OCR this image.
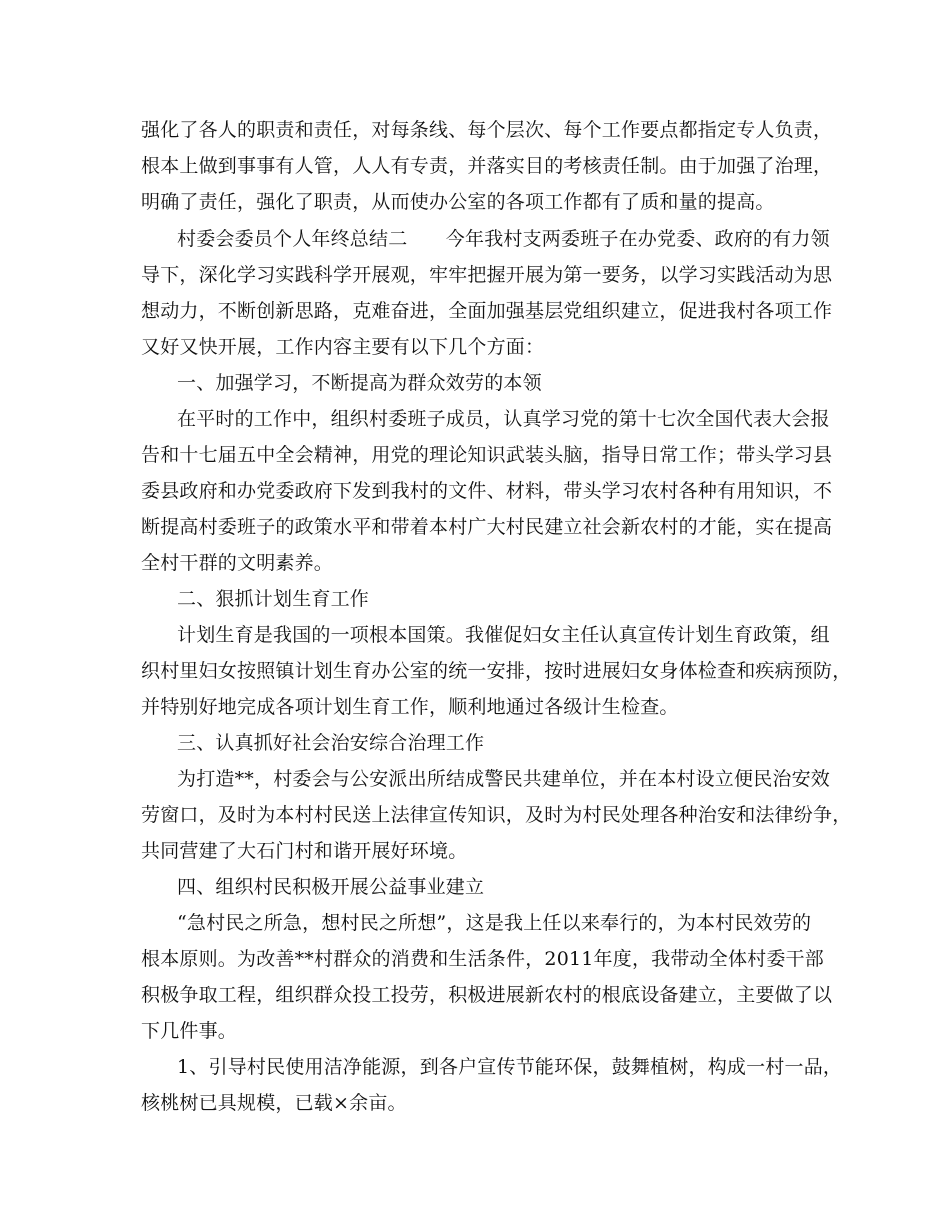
强化了各人的职责和责任，对每条线、每个层次、每个工作要点都指定专人负责，
根本上做到事事有人管，人人有专责，并落实目的考核责任制。由于加强了治理，
明确了责任，强化了职责，从而使办公室的各项工作都有了质和量的提高。
村委会委员个人年终总结二　　今年我村支两委班子在办党委、政府的有力领
导下，深化学习实践科学开展观，牢牢把握开展为第一要务，以学习实践活动为思
想动力，不断创新思路，克难奋进，全面加强基层党组织建立，促进我村各项工作
又好又快开展，工作内容主要有以下几个方面：
一、加强学习，不断提高为群众效劳的本领
在平时的工作中，组织村委班子成员，认真学习党的第十七次全国代表大会报
告和十七届五中全会精神，用党的理论知识武装头脑，指导日常工作；带头学习县
委县政府和办党委政府下发到我村的文件、材料，带头学习农村各种有用知识，不
断提高村委班子的政策水平和带着本村广大村民建立社会新农村的才能，实在提高
全村干群的文明素养。
二、狠抓计划生育工作
计划生育是我国的一项根本国策。我催促妇女主任认真宣传计划生育政策，组
织村里妇女按照镇计划生育办公室的统一安排，按时进展妇女身体检查和疾病预防，
并特别好地完成各项计划生育工作，顺利地通过各级计生检查。
三、认真抓好社会治安综合治理工作
为打造**，村委会与公安派出所结成警民共建单位，并在本村设立便民治安效
劳窗口，及时为本村村民送上法律宣传知识，及时为村民处理各种治安和法律纷争，
共同营建了大石门村和谐开展好环境。
四、组织村民积极开展公益事业建立
“急村民之所急，想村民之所想”，这是我上任以来奉行的，为本村民效劳的
根本原则。为改善**村群众的消费和生活条件，2011年度，我带动全体村委干部
积极争取工程，组织群众投工投劳，积极进展新农村的根底设备建立，主要做了以
下几件事。
1、引导村民使用洁净能源，到各户宣传节能环保，鼓舞植树，构成一村一品，
核桃树已具规模，已载×余亩。
